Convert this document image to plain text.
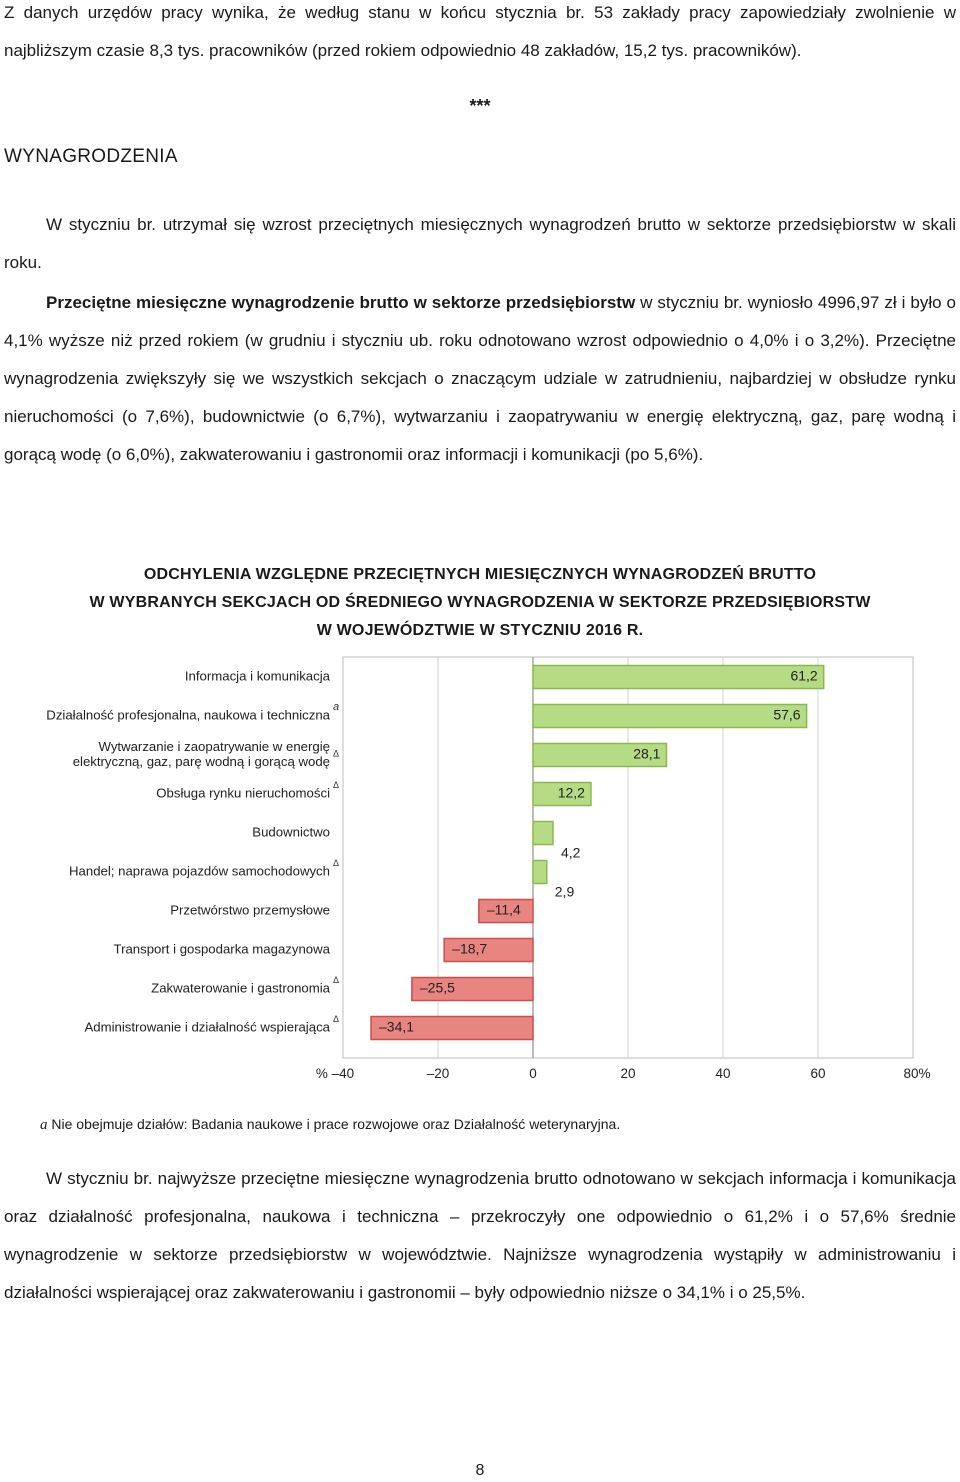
Z danych urzędów pracy wynika, że według stanu w końcu stycznia br. 53 zakłady pracy zapowiedziały zwolnienie w najbliższym czasie 8,3 tys. pracowników (przed rokiem odpowiednio 48 zakładów, 15,2 tys. pracowników).

***
WYNAGRODZENIA

W styczniu br. utrzymał się wzrost przeciętnych miesięcznych wynagrodzeń brutto w sektorze przedsiębiorstw w skali roku.

Przeciętne miesięczne wynagrodzenie brutto w sektorze przedsiębiorstw w styczniu br. wyniosło 4996,97 zł i było o 4,1% wyższe niż przed rokiem (w grudniu i styczniu ub. roku odnotowano wzrost odpowiednio o 4,0% i o 3,2%). Przeciętne wynagrodzenia zwiększyły się we wszystkich sekcjach o znaczącym udziale w zatrudnieniu, najbardziej w obsłudze rynku nieruchomości (o 7,6%), budownictwie (o 6,7%), wytwarzaniu i zaopatrywaniu w energię elektryczną, gaz, parę wodną i gorącą wodę (o 6,0%), zakwaterowaniu i gastronomii oraz informacji i komunikacji (po 5,6%).

ODCHYLENIA WZGLĘDNE PRZECIĘTNYCH MIESIĘCZNYCH WYNAGRODZEŃ BRUTTO
W WYBRANYCH SEKCJACH OD ŚREDNIEGO WYNAGRODZENIA W SEKTORZE PRZEDSIĘBIORSTW
W WOJEWÓDZTWIE W STYCZNIU 2016 R.
61,2
Informacja i komunikacja
57,6
Działalność profesjonalna, naukowa i techniczna
a
28,1
Wytwarzanie i zaopatrywanie w energię
elektryczną, gaz, parę wodną i gorącą wodę
Δ
12,2
Obsługa rynku nieruchomości
Δ
4,2
Budownictwo
2,9
Handel; naprawa pojazdów samochodowych
Δ
–11,4
Przetwórstwo przemysłowe
–18,7
Transport i gospodarka magazynowa
–25,5
Zakwaterowanie i gastronomia
Δ
–34,1
Administrowanie i działalność wspierająca
Δ
% –40	–20	0	20	40	60	80%
a Nie obejmuje działów: Badania naukowe i prace rozwojowe oraz Działalność weterynaryjna.

W styczniu br. najwyższe przeciętne miesięczne wynagrodzenia brutto odnotowano w sekcjach informacja i komunikacja oraz działalność profesjonalna, naukowa i techniczna – przekroczyły one odpowiednio o 61,2% i o 57,6% średnie wynagrodzenie w sektorze przedsiębiorstw w województwie. Najniższe wynagrodzenia wystąpiły w administrowaniu i działalności wspierającej oraz zakwaterowaniu i gastronomii – były odpowiednio niższe o 34,1% i o 25,5%.

8
